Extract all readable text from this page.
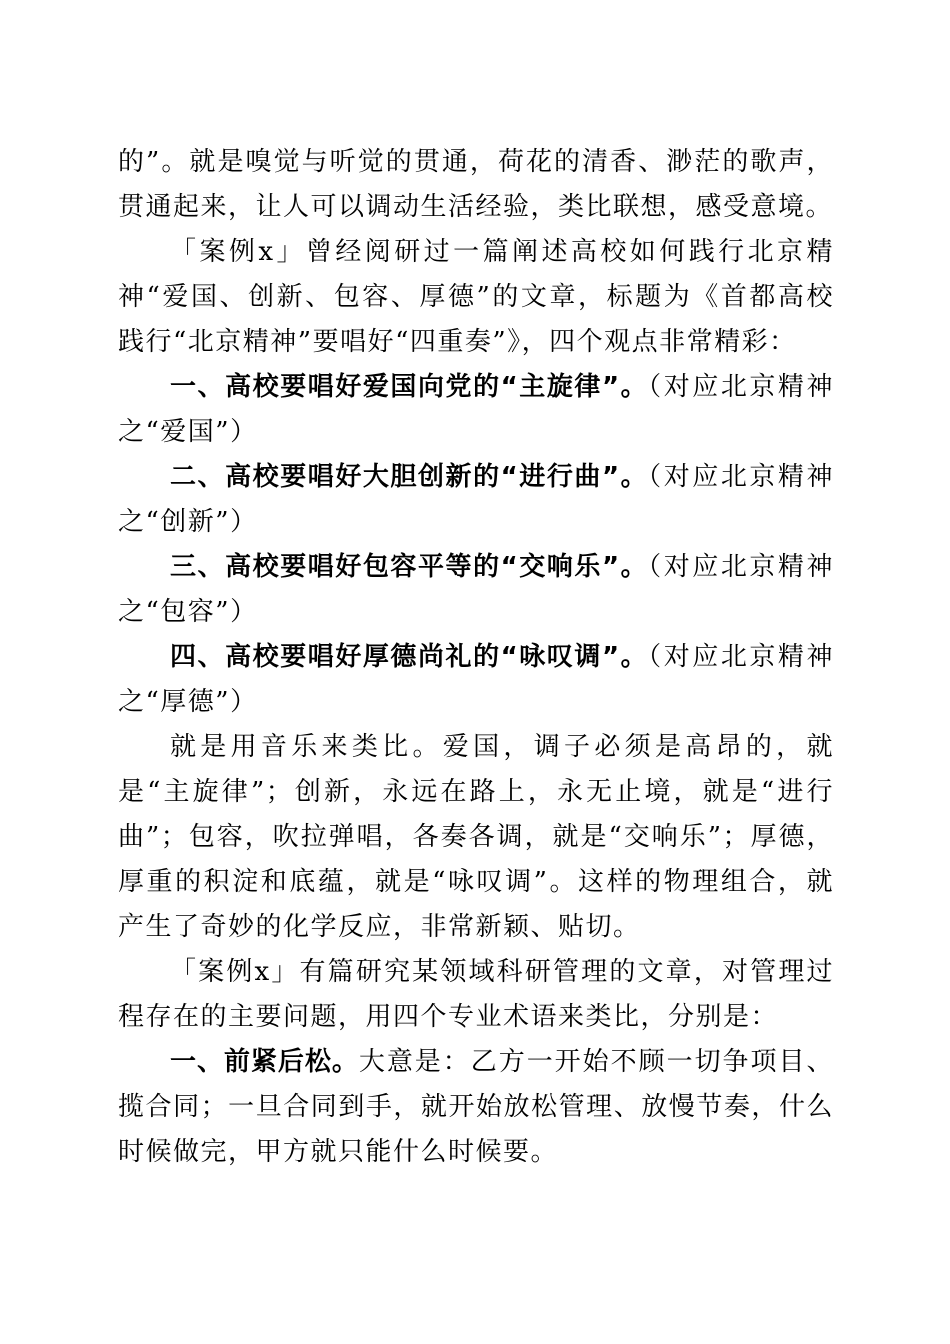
的”。就是嗅觉与听觉的贯通，荷花的清香、渺茫的歌声，贯通起来，让人可以调动生活经验，类比联想，感受意境。

「案例x」曾经阅研过一篇阐述高校如何践行北京精神“爱国、创新、包容、厚德”的文章，标题为《首都高校践行“北京精神”要唱好“四重奏”》，四个观点非常精彩：

一、高校要唱好爱国向党的“主旋律”。（对应北京精神之“爱国”）

二、高校要唱好大胆创新的“进行曲”。（对应北京精神之“创新”）

三、高校要唱好包容平等的“交响乐”。（对应北京精神之“包容”）

四、高校要唱好厚德尚礼的“咏叹调”。（对应北京精神之“厚德”）

就是用音乐来类比。爱国，调子必须是高昂的，就是“主旋律”；创新，永远在路上，永无止境，就是“进行曲”；包容，吹拉弹唱，各奏各调，就是“交响乐”；厚德，厚重的积淀和底蕴，就是“咏叹调”。这样的物理组合，就产生了奇妙的化学反应，非常新颖、贴切。

「案例x」有篇研究某领域科研管理的文章，对管理过程存在的主要问题，用四个专业术语来类比，分别是：

一、前紧后松。大意是：乙方一开始不顾一切争项目、揽合同；一旦合同到手，就开始放松管理、放慢节奏，什么时候做完，甲方就只能什么时候要。
